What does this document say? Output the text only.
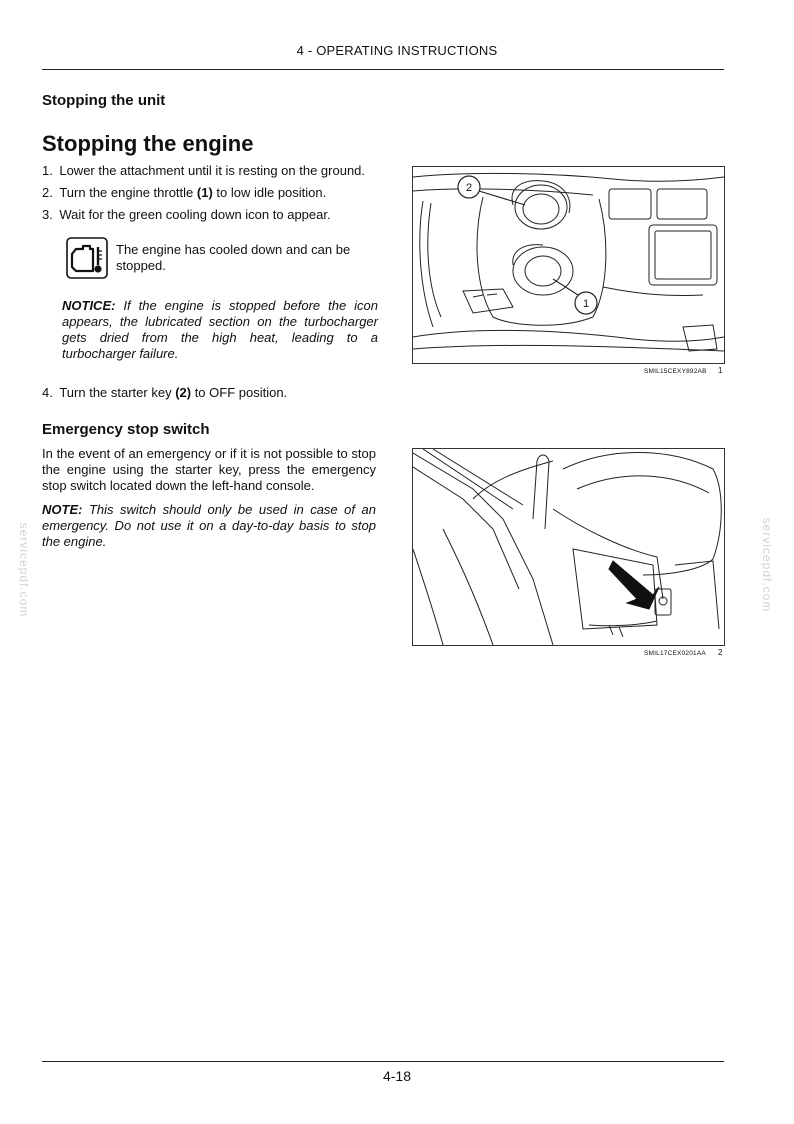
4 - OPERATING INSTRUCTIONS
Stopping the unit
Stopping the engine
1. Lower the attachment until it is resting on the ground.
2. Turn the engine throttle (1) to low idle position.
3. Wait for the green cooling down icon to appear.
The engine has cooled down and can be stopped.
NOTICE: If the engine is stopped before the icon appears, the lubricated section on the turbocharger gets dried from the high heat, leading to a turbocharger failure.
4. Turn the starter key (2) to OFF position.
Emergency stop switch
In the event of an emergency or if it is not possible to stop the engine using the starter key, press the emergency stop switch located down the left-hand console.
NOTE: This switch should only be used in case of an emergency. Do not use it on a day-to-day basis to stop the engine.
2
1
SMIL15CEXY892AB 1
SMIL17CEX0201AA 2
servicepdf.com	servicepdf.com
4-18
